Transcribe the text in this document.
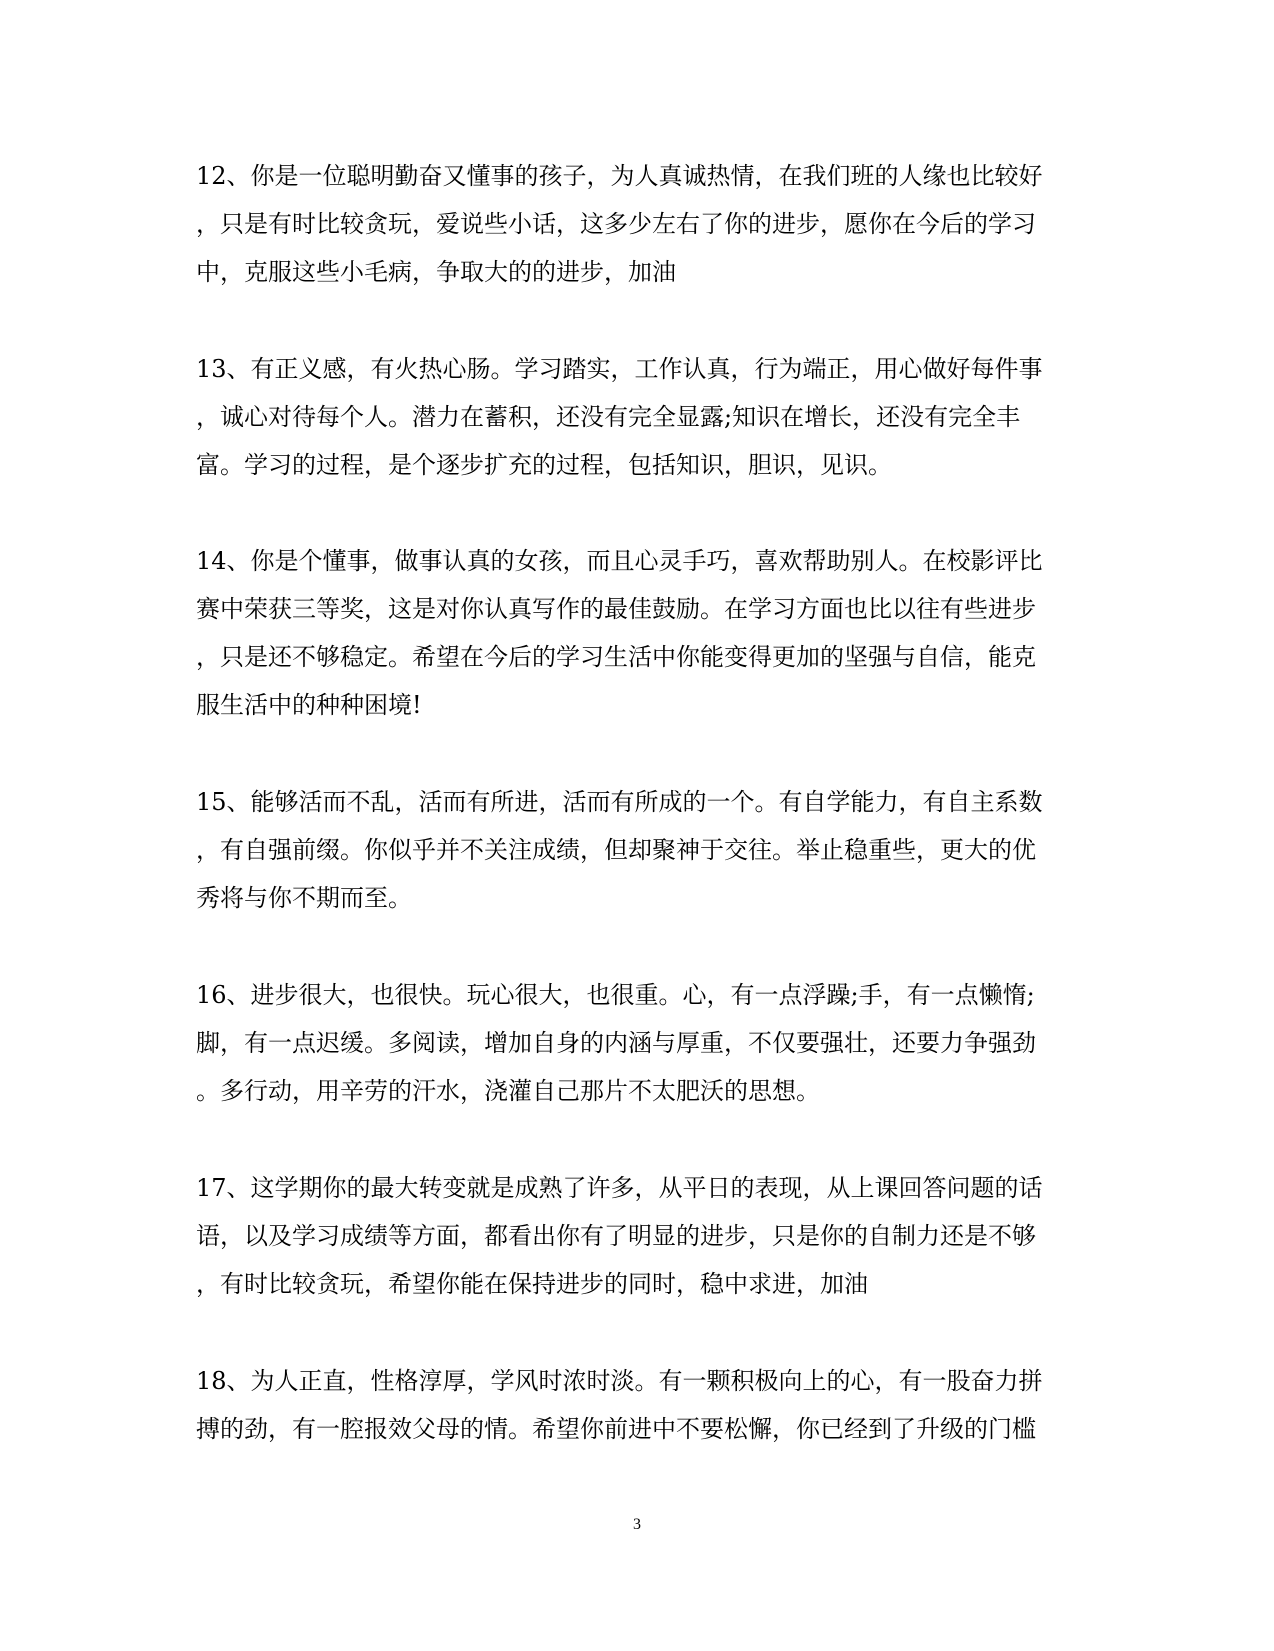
12、你是一位聪明勤奋又懂事的孩子，为人真诚热情，在我们班的人缘也比较好
，只是有时比较贪玩，爱说些小话，这多少左右了你的进步，愿你在今后的学习
中，克服这些小毛病，争取大的的进步，加油
13、有正义感，有火热心肠。学习踏实，工作认真，行为端正，用心做好每件事
，诚心对待每个人。潜力在蓄积，还没有完全显露;知识在增长，还没有完全丰
富。学习的过程，是个逐步扩充的过程，包括知识，胆识，见识。
14、你是个懂事，做事认真的女孩，而且心灵手巧，喜欢帮助别人。在校影评比
赛中荣获三等奖，这是对你认真写作的最佳鼓励。在学习方面也比以往有些进步
，只是还不够稳定。希望在今后的学习生活中你能变得更加的坚强与自信，能克
服生活中的种种困境!
15、能够活而不乱，活而有所进，活而有所成的一个。有自学能力，有自主系数
，有自强前缀。你似乎并不关注成绩，但却聚神于交往。举止稳重些，更大的优
秀将与你不期而至。
16、进步很大，也很快。玩心很大，也很重。心，有一点浮躁;手，有一点懒惰;
脚，有一点迟缓。多阅读，增加自身的内涵与厚重，不仅要强壮，还要力争强劲
。多行动，用辛劳的汗水，浇灌自己那片不太肥沃的思想。
17、这学期你的最大转变就是成熟了许多，从平日的表现，从上课回答问题的话
语，以及学习成绩等方面，都看出你有了明显的进步，只是你的自制力还是不够
，有时比较贪玩，希望你能在保持进步的同时，稳中求进，加油
18、为人正直，性格淳厚，学风时浓时淡。有一颗积极向上的心，有一股奋力拼
搏的劲，有一腔报效父母的情。希望你前进中不要松懈，你已经到了升级的门槛
3
